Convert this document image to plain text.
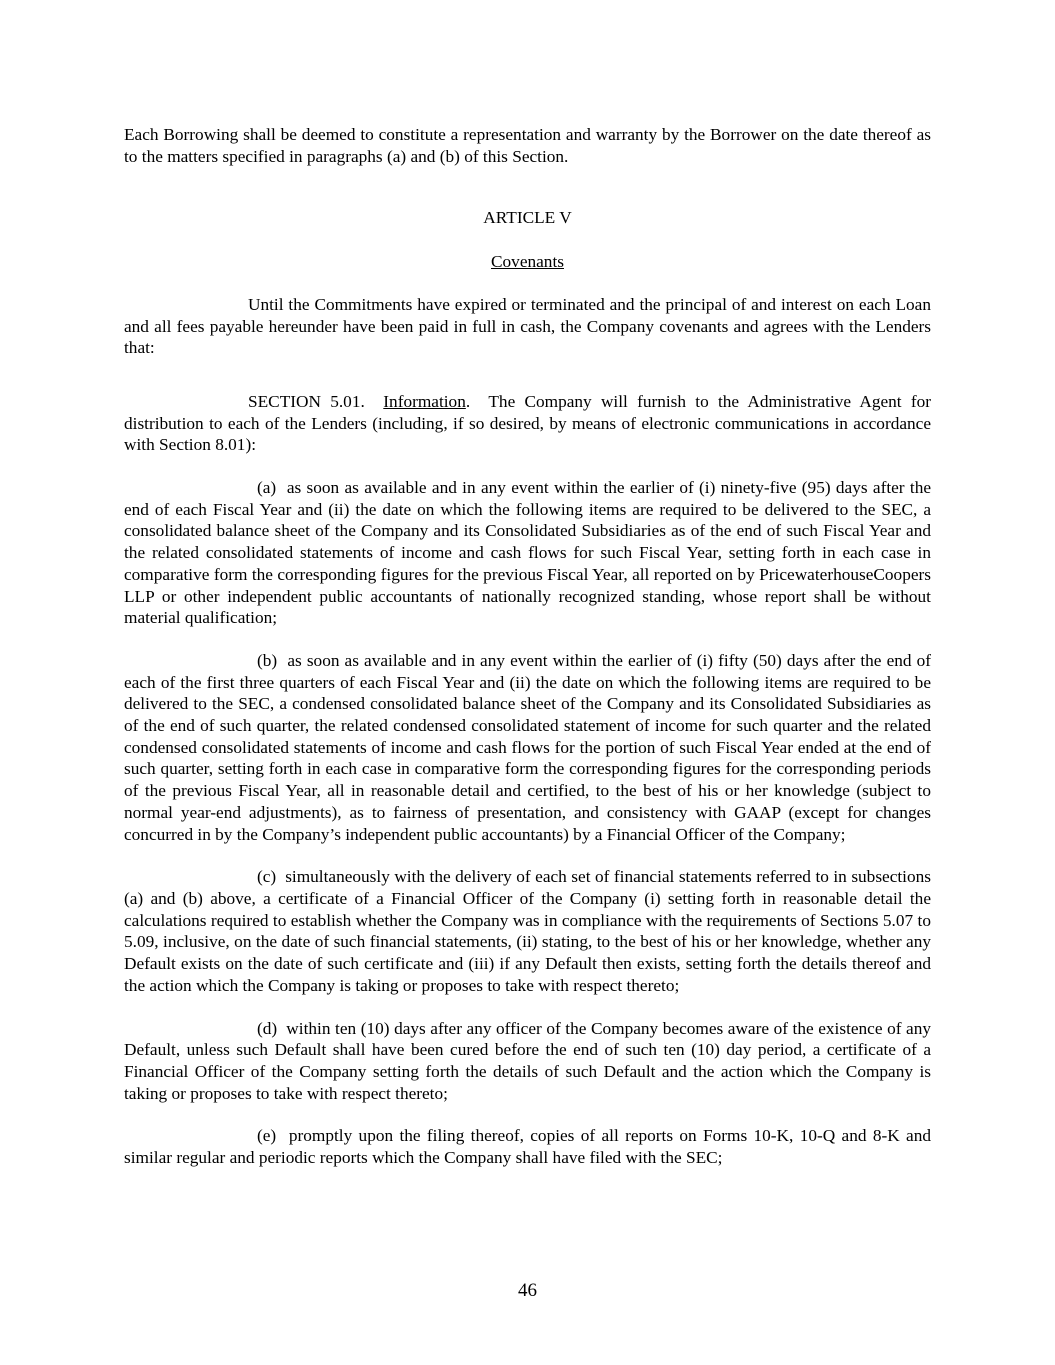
Each Borrowing shall be deemed to constitute a representation and warranty by the Borrower on the date thereof as to the matters specified in paragraphs (a) and (b) of this Section.

ARTICLE V

Covenants

Until the Commitments have expired or terminated and the principal of and interest on each Loan and all fees payable hereunder have been paid in full in cash, the Company covenants and agrees with the Lenders that:

SECTION 5.01. Information. The Company will furnish to the Administrative Agent for distribution to each of the Lenders (including, if so desired, by means of electronic communications in accordance with Section 8.01):

(a) as soon as available and in any event within the earlier of (i) ninety-five (95) days after the end of each Fiscal Year and (ii) the date on which the following items are required to be delivered to the SEC, a consolidated balance sheet of the Company and its Consolidated Subsidiaries as of the end of such Fiscal Year and the related consolidated statements of income and cash flows for such Fiscal Year, setting forth in each case in comparative form the corresponding figures for the previous Fiscal Year, all reported on by PricewaterhouseCoopers LLP or other independent public accountants of nationally recognized standing, whose report shall be without material qualification;

(b) as soon as available and in any event within the earlier of (i) fifty (50) days after the end of each of the first three quarters of each Fiscal Year and (ii) the date on which the following items are required to be delivered to the SEC, a condensed consolidated balance sheet of the Company and its Consolidated Subsidiaries as of the end of such quarter, the related condensed consolidated statement of income for such quarter and the related condensed consolidated statements of income and cash flows for the portion of such Fiscal Year ended at the end of such quarter, setting forth in each case in comparative form the corresponding figures for the corresponding periods of the previous Fiscal Year, all in reasonable detail and certified, to the best of his or her knowledge (subject to normal year-end adjustments), as to fairness of presentation, and consistency with GAAP (except for changes concurred in by the Company’s independent public accountants) by a Financial Officer of the Company;

(c) simultaneously with the delivery of each set of financial statements referred to in subsections (a) and (b) above, a certificate of a Financial Officer of the Company (i) setting forth in reasonable detail the calculations required to establish whether the Company was in compliance with the requirements of Sections 5.07 to 5.09, inclusive, on the date of such financial statements, (ii) stating, to the best of his or her knowledge, whether any Default exists on the date of such certificate and (iii) if any Default then exists, setting forth the details thereof and the action which the Company is taking or proposes to take with respect thereto;

(d) within ten (10) days after any officer of the Company becomes aware of the existence of any Default, unless such Default shall have been cured before the end of such ten (10) day period, a certificate of a Financial Officer of the Company setting forth the details of such Default and the action which the Company is taking or proposes to take with respect thereto;

(e) promptly upon the filing thereof, copies of all reports on Forms 10-K, 10-Q and 8-K and similar regular and periodic reports which the Company shall have filed with the SEC;

46
